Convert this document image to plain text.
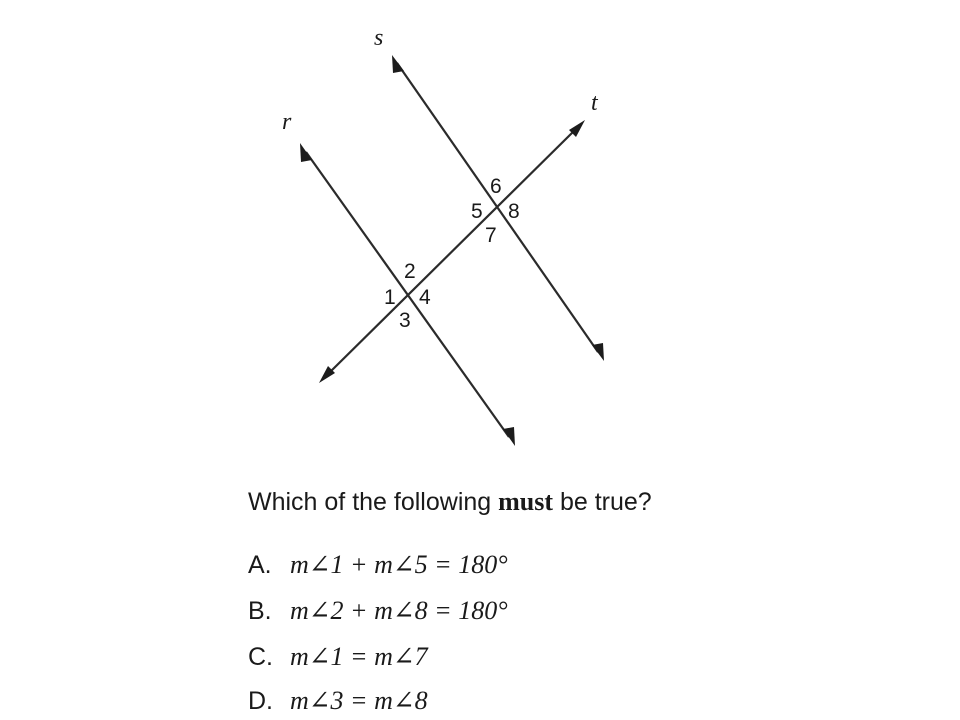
r
s
t
1
2
3
4
5
6
7
8
Which of the following must be true?
A. m∠1 + m∠5 = 180°
B. m∠2 + m∠8 = 180°
C. m∠1 = m∠7
D. m∠3 = m∠8
